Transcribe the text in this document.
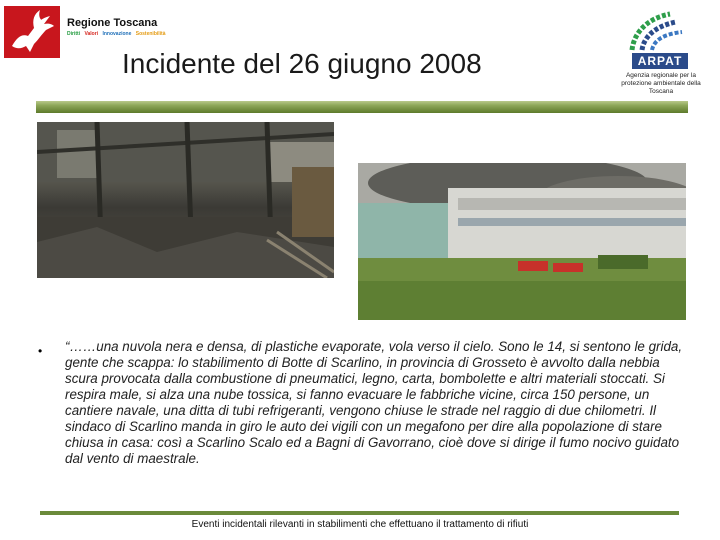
Regione Toscana
Diritti Valori Innovazione Sostenibilità
Incidente del 26 giugno 2008	ARPAT
Agenzia regionale per la protezione ambientale della Toscana
• “……una nuvola nera e densa, di plastiche evaporate, vola verso il cielo. Sono le 14, si sentono le grida, gente che scappa: lo stabilimento di Botte di Scarlino, in provincia di Grosseto è avvolto dalla nebbia scura provocata dalla combustione di pneumatici, legno, carta, bombolette e altri materiali stoccati. Si respira male, si alza una nube tossica, si fanno evacuare le fabbriche vicine, circa 150 persone, un cantiere navale, una ditta di tubi refrigeranti, vengono chiuse le strade nel raggio di due chilometri. Il sindaco di Scarlino manda in giro le auto dei vigili con un megafono per dire alla popolazione di stare chiusa in casa: così a Scarlino Scalo ed a Bagni di Gavorrano, cioè dove si dirige il fumo nocivo guidato dal vento di maestrale.
Eventi incidentali rilevanti in stabilimenti che effettuano il trattamento di rifiuti
